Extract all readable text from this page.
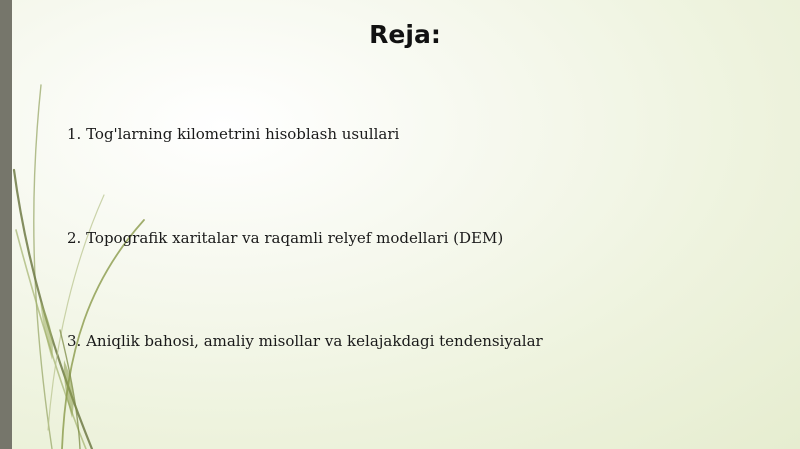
Reja:
1. Tog'larning kilometrini hisoblash usullari
2. Topografik xaritalar va raqamli relyef modellari (DEM)
3. Aniqlik bahosi, amaliy misollar va kelajakdagi tendensiyalar
